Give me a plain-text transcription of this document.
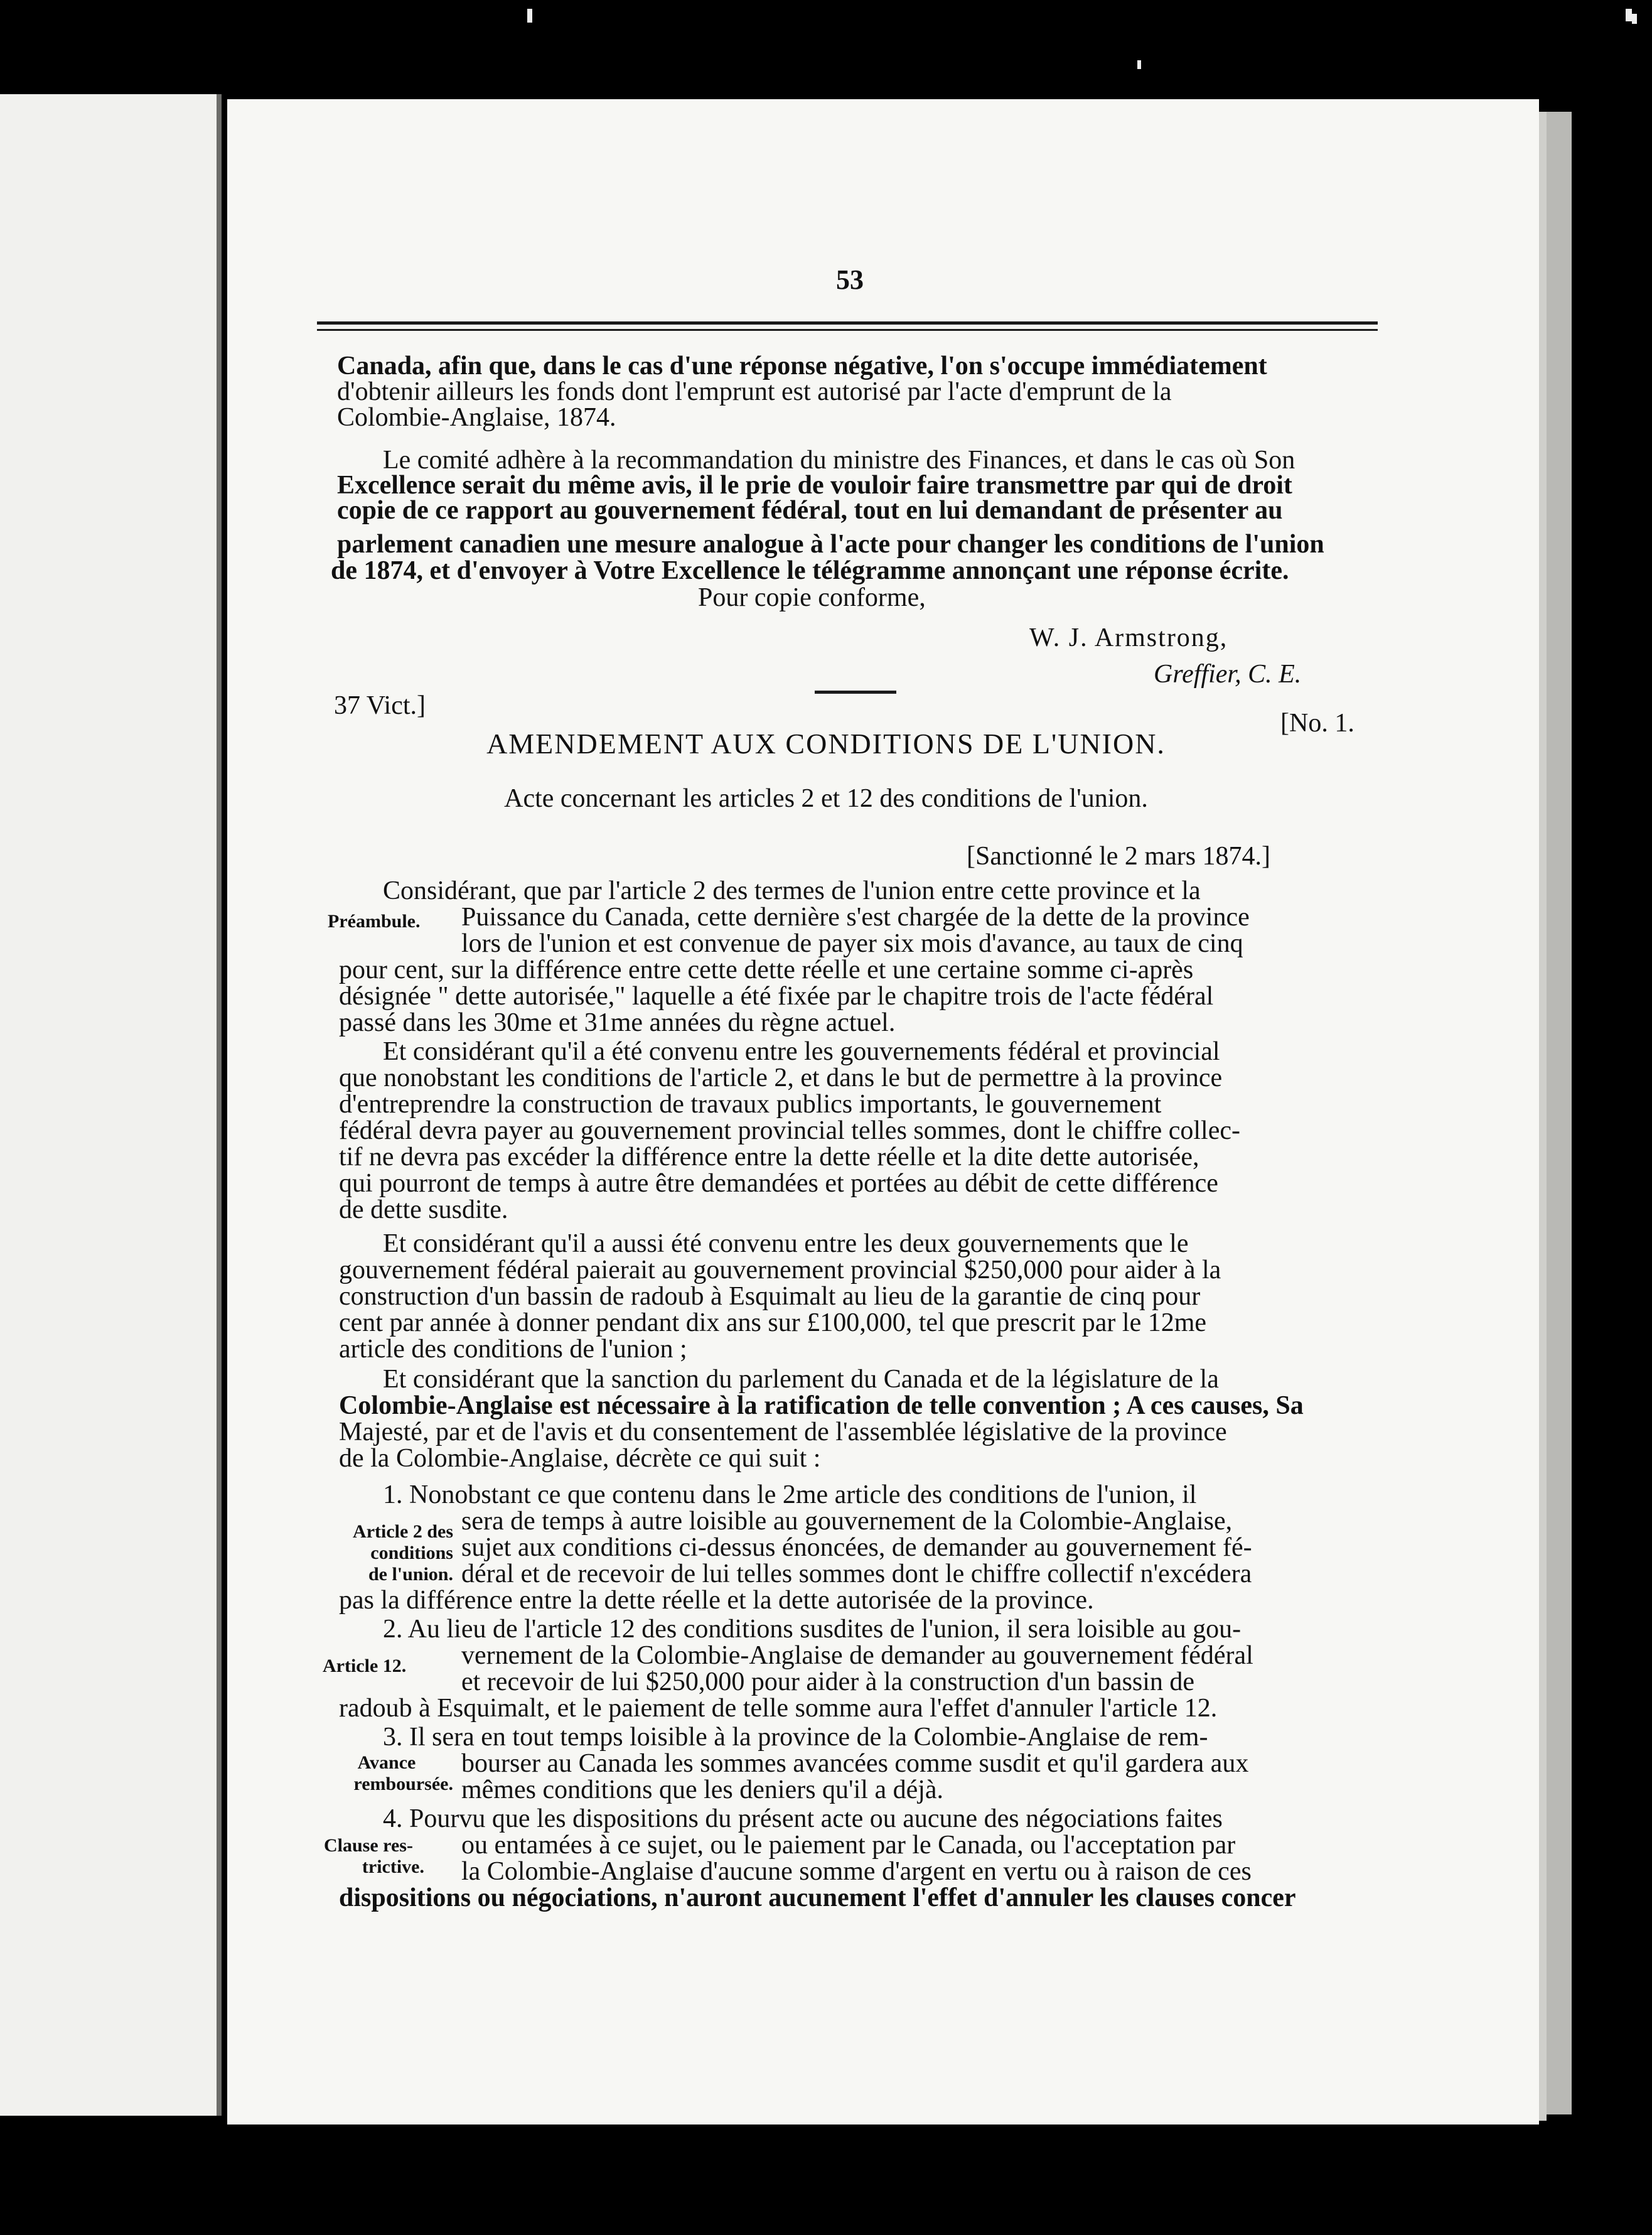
53
Canada, afin que, dans le cas d'une réponse négative, l'on s'occupe immédiatement
d'obtenir ailleurs les fonds dont l'emprunt est autorisé par l'acte d'emprunt de la
Colombie-Anglaise, 1874.
Le comité adhère à la recommandation du ministre des Finances, et dans le cas où Son
Excellence serait du même avis, il le prie de vouloir faire transmettre par qui de droit
copie de ce rapport au gouvernement fédéral, tout en lui demandant de présenter au
parlement canadien une mesure analogue à l'acte pour changer les conditions de l'union
de 1874, et d'envoyer à Votre Excellence le télégramme annonçant une réponse écrite.
Pour copie conforme,
W. J. Armstrong,
Greffier, C. E.
37 Vict.]
[No. 1.
AMENDEMENT AUX CONDITIONS DE L'UNION.
Acte concernant les articles 2 et 12 des conditions de l'union.
[Sanctionné le 2 mars 1874.]
Considérant, que par l'article 2 des termes de l'union entre cette province et la
Puissance du Canada, cette dernière s'est chargée de la dette de la province
lors de l'union et est convenue de payer six mois d'avance, au taux de cinq
pour cent, sur la différence entre cette dette réelle et une certaine somme ci-après
désignée " dette autorisée," laquelle a été fixée par le chapitre trois de l'acte fédéral
passé dans les 30me et 31me années du règne actuel.
Et considérant qu'il a été convenu entre les gouvernements fédéral et provincial
que nonobstant les conditions de l'article 2, et dans le but de permettre à la province
d'entreprendre la construction de travaux publics importants, le gouvernement
fédéral devra payer au gouvernement provincial telles sommes, dont le chiffre collec-
tif ne devra pas excéder la différence entre la dette réelle et la dite dette autorisée,
qui pourront de temps à autre être demandées et portées au débit de cette différence
de dette susdite.
Et considérant qu'il a aussi été convenu entre les deux gouvernements que le
gouvernement fédéral paierait au gouvernement provincial $250,000 pour aider à la
construction d'un bassin de radoub à Esquimalt au lieu de la garantie de cinq pour
cent par année à donner pendant dix ans sur £100,000, tel que prescrit par le 12me
article des conditions de l'union ;
Et considérant que la sanction du parlement du Canada et de la législature de la
Colombie-Anglaise est nécessaire à la ratification de telle convention ; A ces causes, Sa
Majesté, par et de l'avis et du consentement de l'assemblée législative de la province
de la Colombie-Anglaise, décrète ce qui suit :
1. Nonobstant ce que contenu dans le 2me article des conditions de l'union, il
sera de temps à autre loisible au gouvernement de la Colombie-Anglaise,
sujet aux conditions ci-dessus énoncées, de demander au gouvernement fé-
déral et de recevoir de lui telles sommes dont le chiffre collectif n'excédera
pas la différence entre la dette réelle et la dette autorisée de la province.
2. Au lieu de l'article 12 des conditions susdites de l'union, il sera loisible au gou-
vernement de la Colombie-Anglaise de demander au gouvernement fédéral
et recevoir de lui $250,000 pour aider à la construction d'un bassin de
radoub à Esquimalt, et le paiement de telle somme aura l'effet d'annuler l'article 12.
3. Il sera en tout temps loisible à la province de la Colombie-Anglaise de rem-
bourser au Canada les sommes avancées comme susdit et qu'il gardera aux
mêmes conditions que les deniers qu'il a déjà.
4. Pourvu que les dispositions du présent acte ou aucune des négociations faites
ou entamées à ce sujet, ou le paiement par le Canada, ou l'acceptation par
la Colombie-Anglaise d'aucune somme d'argent en vertu ou à raison de ces
dispositions ou négociations, n'auront aucunement l'effet d'annuler les clauses concer
Préambule.
Article 2 des
conditions
de l'union.
Article 12.
Avance
remboursée.
Clause res-
trictive.
